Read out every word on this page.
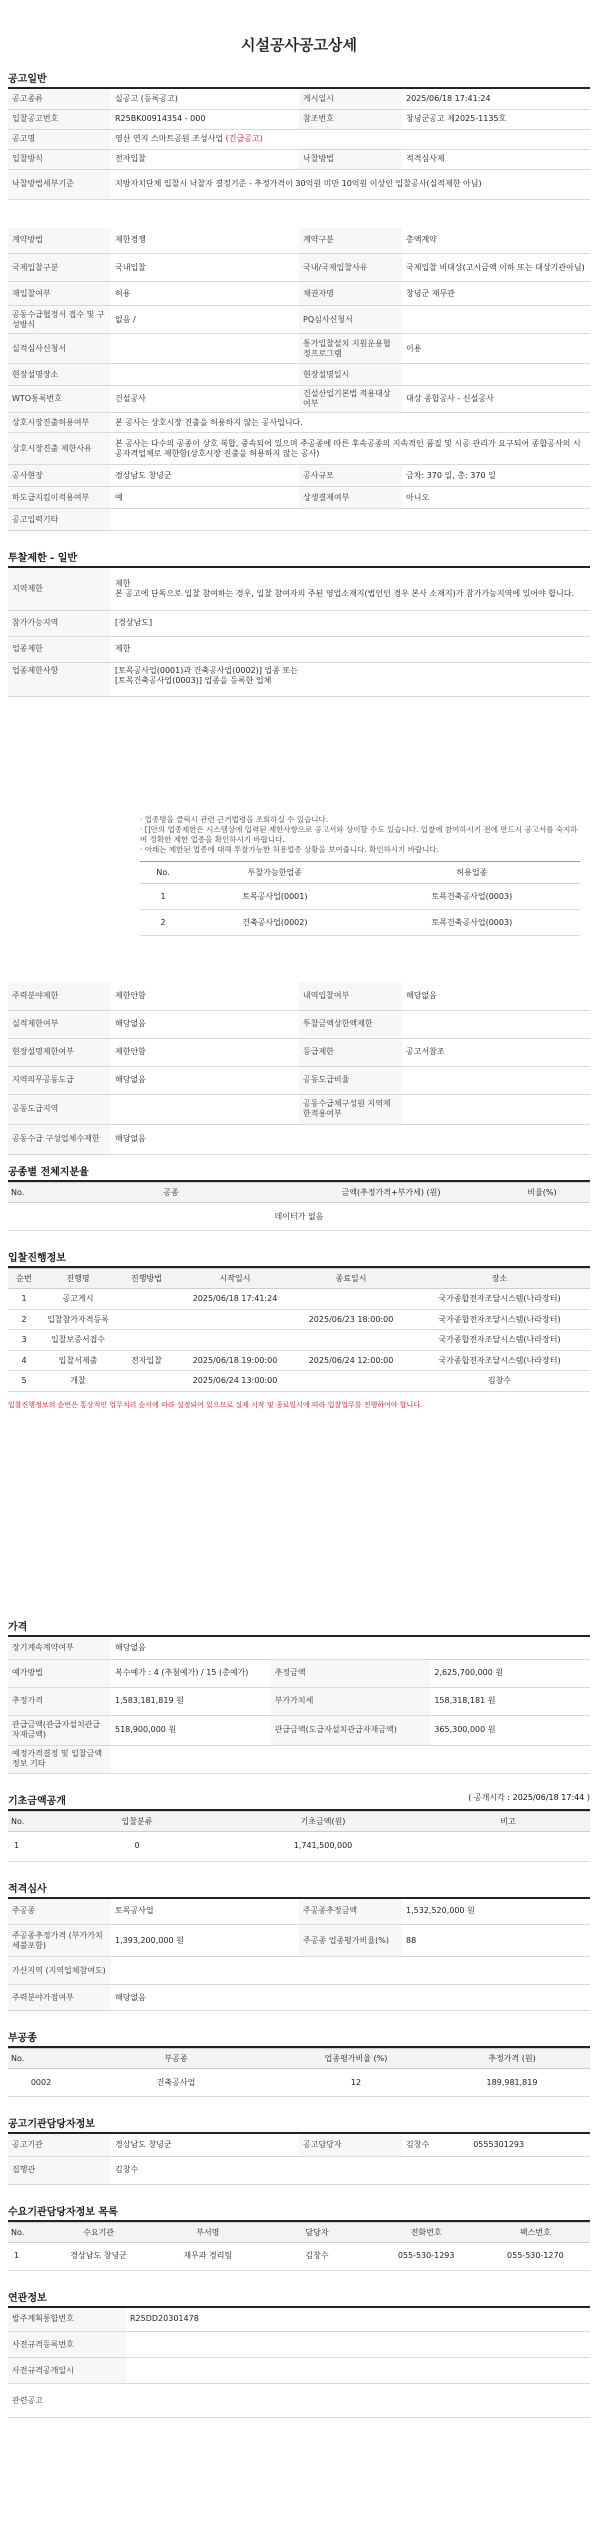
시설공사공고상세
공고일반
공고종류	실공고 (등록공고)	게시일시	2025/06/18 17:41:24
입찰공고번호	R25BK00914354 - 000	참조번호	창녕군공고 제2025-1135호
공고명	영산 연지 스마트공원 조성사업 (긴급공고)		
입찰방식	전자입찰	낙찰방법	적격심사제
낙찰방법세부기준	지방자치단체 입찰시 낙찰자 결정기준 - 추정가격이 30억원 미만 10억원 이상인 입찰공사(실적제한 아님)		
계약방법	제한경쟁	계약구분	총액계약
국제입찰구분	국내입찰	국내/국제입찰사유	국제입찰 비대상(고시금액 이하 또는 대상기관아님)
재입찰여부	허용	채권자명	창녕군 재무관
공동수급협정서 접수 및 구성방식	없음 /	PQ심사신청서	
실적심사신청서		통가입찰설치 지원운용협정프로그램	이용
현장설명장소		현장설명일시	
WTO통록번호	건설공사	건설산업기본법 적용대상여부	대상 종합공사 - 신설공사
상호시장진출허용여부	본 공사는 상호시장 진출을 허용하지 않는 공사입니다.		
상호시장진출 제한사유	본 공사는 다수의 공종이 상호 복합, 중속되어 있으며 주공종에 따른 후속공종의 지속적인 품질 및 시공 관리가 요구되어 종합공사의 시공자격업체로 제한함(상호시장 진출을 허용하지 않는 공사)		
공사현장	경상남도 창녕군	공사규모	금차: 370 일, 총: 370 일
하도급지킴이적용여부	예	상생결제여부	아니오
공고입력기타			
투찰제한 - 일반
지역제한	제한
본 공고에 단독으로 입찰 참여하는 경우, 입찰 참여자의 주된 영업소재지(법인인 경우 본사 소재지)가 참가가능지역에 있어야 합니다.
참가가능지역	[경상남도]
업종제한	제한
업종제한사항	[토목공사업(0001)과 건축공사업(0002)] 업종 또는
[토목건축공사업(0003)] 업종을 등록한 업체
· 업종명을 클릭시 관련 근거법령을 조회하실 수 있습니다.
· []안의 업종제한은 시스템상에 입력된 제한사항으로 공고서와 상이할 수도 있습니다. 입찰에 참여하시기 전에 반드시 공고서를 숙지하여 정확한 제한 업종을 확인하시기 바랍니다.
· 아래는 제한된 업종에 대해 투찰가능한 허용업종 상황을 보여줍니다. 확인하시기 바랍니다.
No.	투찰가능한업종	허용업종
1	토목공사업(0001)	토목건축공사업(0003)
2	건축공사업(0002)	토목건축공사업(0003)
주력분야제한	제한안함	내역입찰여부	해당없음
실적제한여부	해당없음	투찰금액상한액제한	
현장설명제한여부	제한안함	등급제한	공고서참조
지역의무공동도급	해당없음	공동도급비율	
공동도급지역		공동수급체구성원 지역제한적용여부	
공동수급 구성업체수제한	해당없음		
공종별 전체지분율
No.	공종	금액(추정가격+부가세) (원)	비율(%)
데이터가 없음
입찰진행정보
순번	진행명	진행방법	시작일시	종료일시	장소
1	공고게시		2025/06/18 17:41:24		국가종합전자조달시스템(나라장터)
2	입찰참가자격등록			2025/06/23 18:00:00	국가종합전자조달시스템(나라장터)
3	입찰보증서접수				국가종합전자조달시스템(나라장터)
4	입찰서제출	전자입찰	2025/06/18 19:00:00	2025/06/24 12:00:00	국가종합전자조달시스템(나라장터)
5	개찰		2025/06/24 13:00:00		김창수
입찰진행정보의 순번은 통상적인 업무처리 순서에 따라 설정되어 있으므로 실제 시작 및 종료일시에 따라 입찰업무를 진행하여야 합니다.
가격
장기계속계약여부	해당없음		
예가방법	복수예가 : 4 (추첨예가) / 15 (총예가)	추정금액	2,625,700,000 원
추정가격	1,583,181,819 원	부가가치세	158,318,181 원
관급금액(관급자설치관급자재금액)	518,900,000 원	관급금액(도급자설치관급자재금액)	365,300,000 원
예정가격결정 및 입찰금액정보 기타			
기초금액공개	( 공개시각 : 2025/06/18 17:44 )
No.	입찰분류	기초금액(원)	비고
1	0	1,741,500,000	
적격심사
주공종	토목공사업	주공종추정금액	1,532,520,000 원
주공종추정가격 (부가가치세불포함)	1,393,200,000 원	주공종 업종평가비율(%)	88
가산지역 (지역업체참여도)			
주력분야가점여부	해당없음		
부공종
No.	부공종	업종평가비율 (%)	추정가격 (원)
0002	건축공사업	12	189,981,819
공고기관담당자정보
공고기관	경상남도 창녕군	공고담당자	김창수 0555301293
집행관	김창수		
수요기관담당자정보 목록
No.	수요기관	부서명	담당자	전화번호	팩스번호
1	경상남도 창녕군	재무과 경리팀	김창수	055-530-1293	055-530-1270
연관정보
발주계획통합번호	R25DD20301478
사전규격등록번호	
사전규격공개일시	
관련공고	
